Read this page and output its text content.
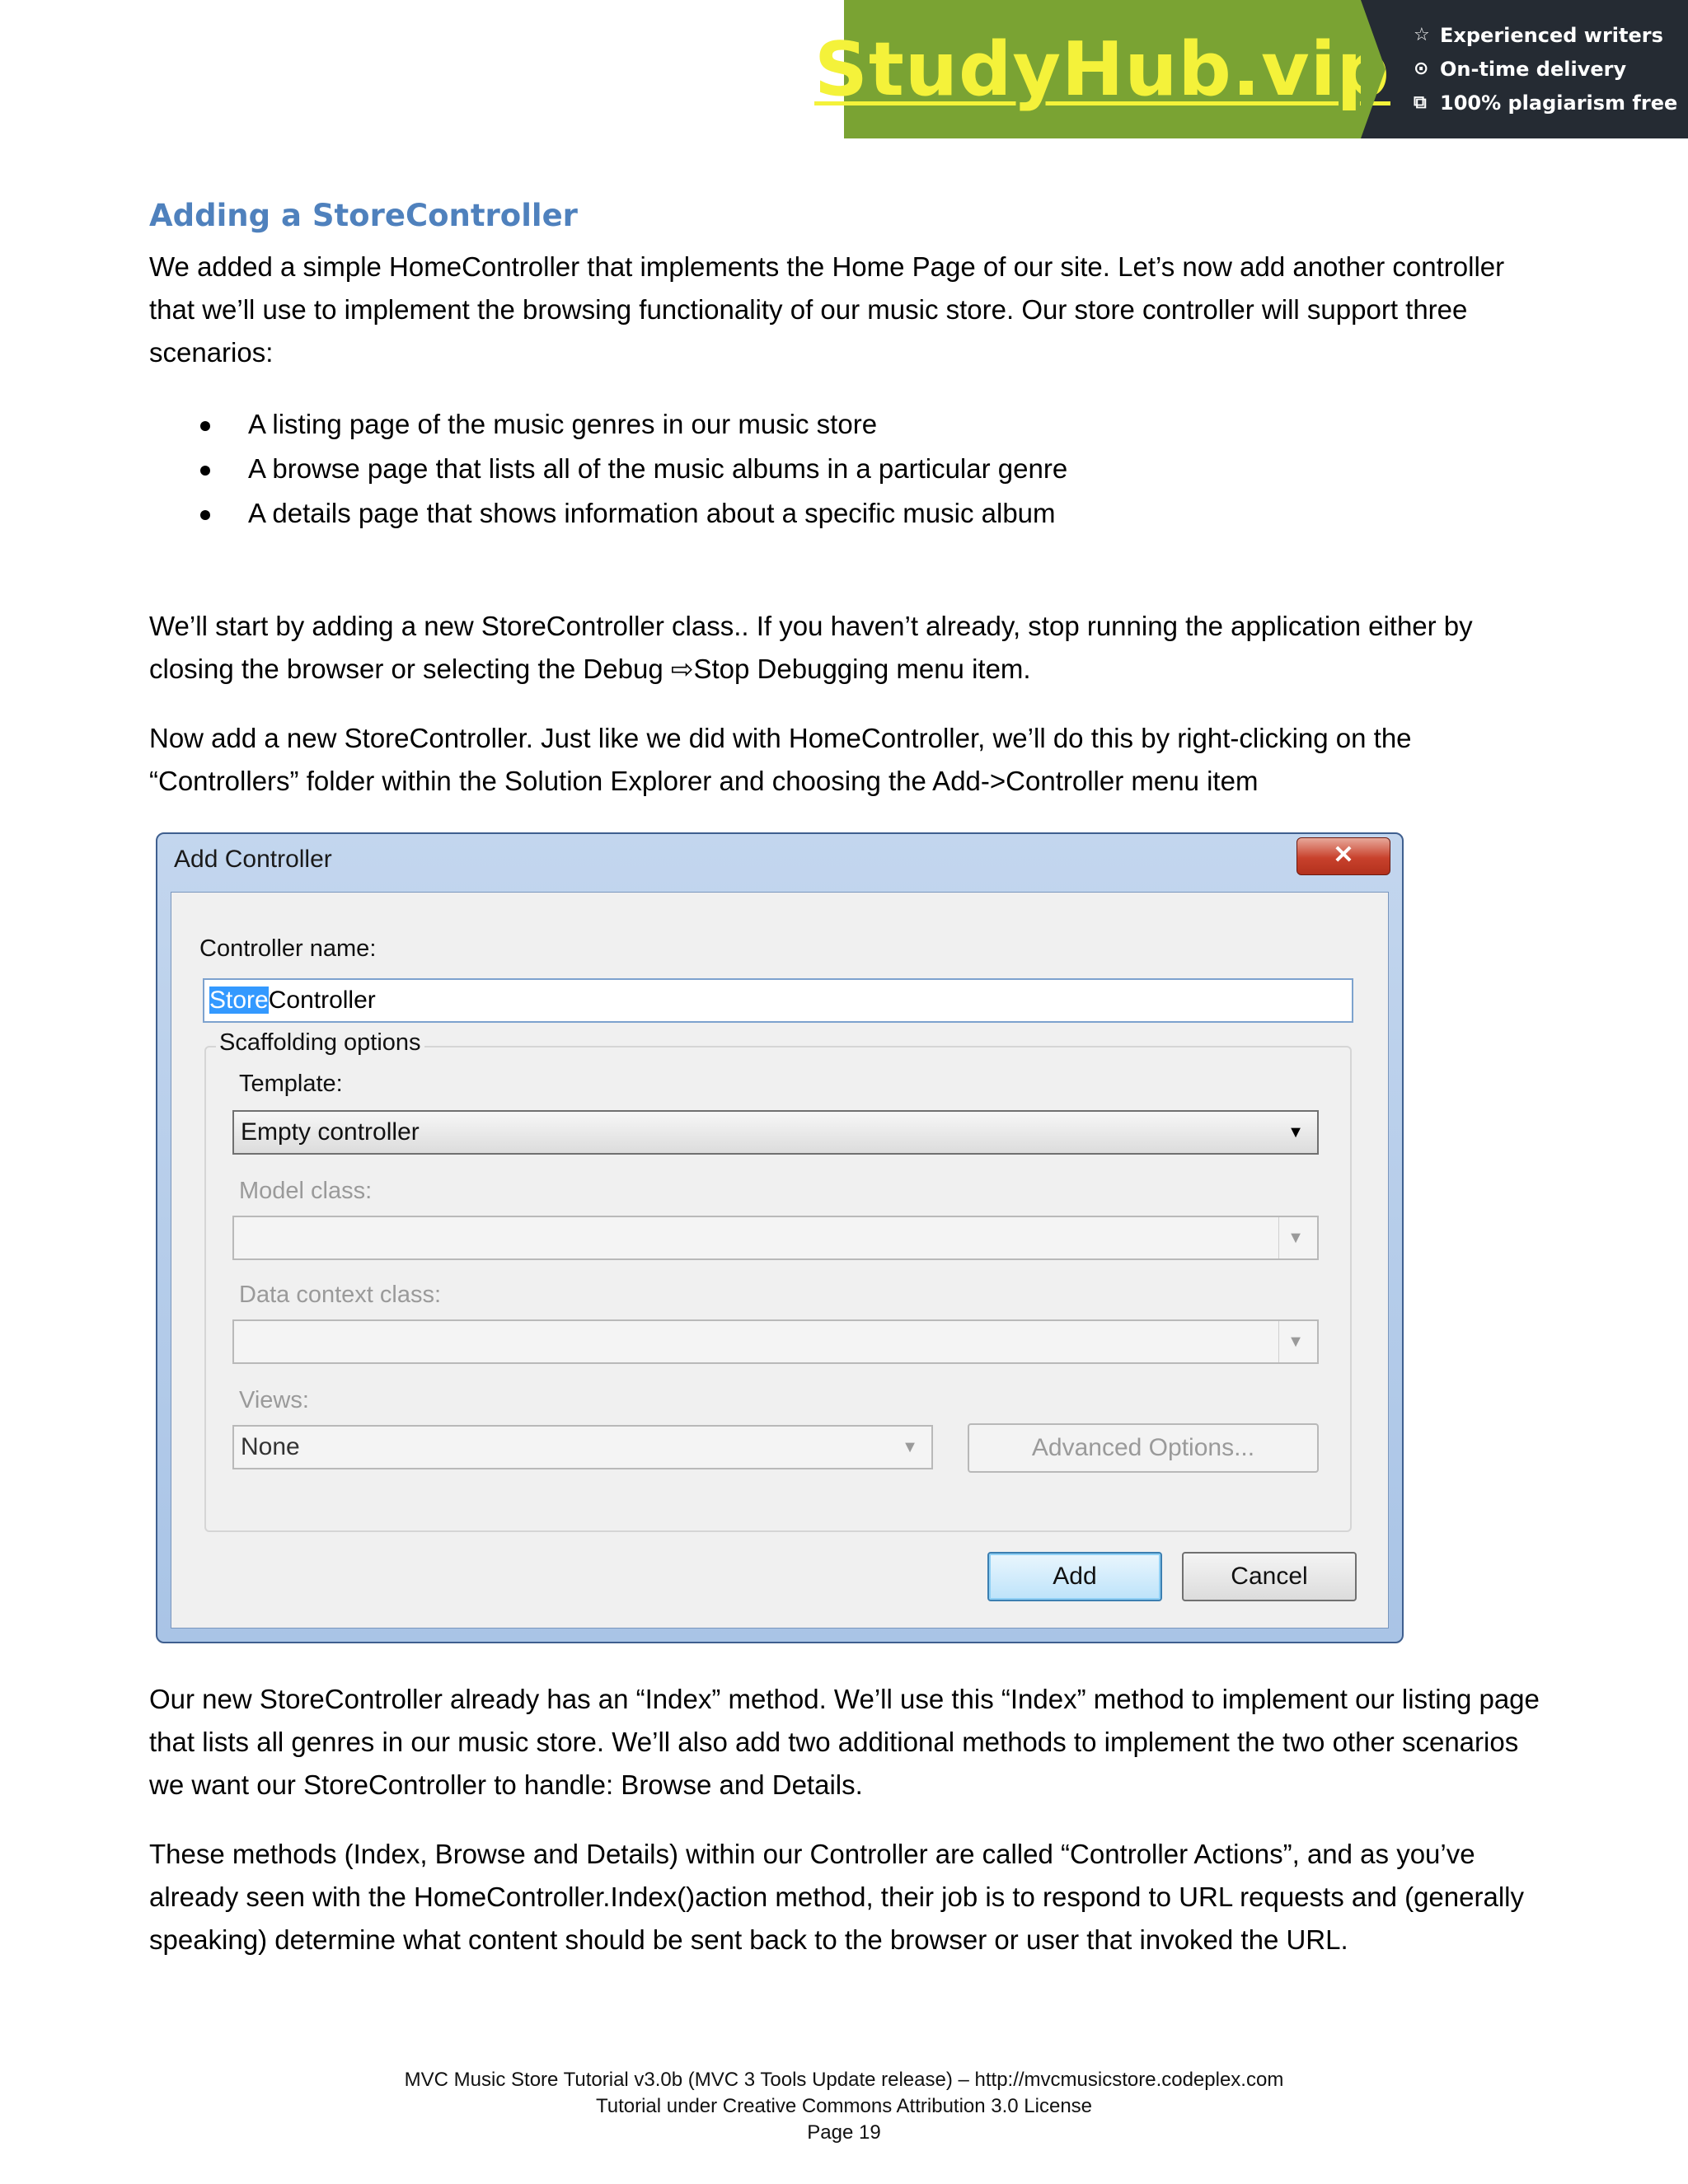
StudyHub.vip ☆ Experienced writers
⊙ On-time delivery
⧉ 100% plagiarism free
Adding a StoreController

We added a simple HomeController that implements the Home Page of our site. Let’s now add another controller that we’ll use to implement the browsing functionality of our music store. Our store controller will support three scenarios:

A listing page of the music genres in our music store
A browse page that lists all of the music albums in a particular genre
A details page that shows information about a specific music album

We’ll start by adding a new StoreController class.. If you haven’t already, stop running the application either by closing the browser or selecting the Debug ⇨Stop Debugging menu item.

Now add a new StoreController. Just like we did with HomeController, we’ll do this by right-clicking on the “Controllers” folder within the Solution Explorer and choosing the Add->Controller menu item

Add Controller	✕
Controller name:
StoreController
Scaffolding options
Template:
Empty controller	▼
Model class:
▼
Data context class:
▼
Views:
None	▼	Advanced Options...
Add	Cancel

Our new StoreController already has an “Index” method. We’ll use this “Index” method to implement our listing page that lists all genres in our music store. We’ll also add two additional methods to implement the two other scenarios we want our StoreController to handle: Browse and Details.

These methods (Index, Browse and Details) within our Controller are called “Controller Actions”, and as you’ve already seen with the HomeController.Index()action method, their job is to respond to URL requests and (generally speaking) determine what content should be sent back to the browser or user that invoked the URL.

MVC Music Store Tutorial v3.0b (MVC 3 Tools Update release) – http://mvcmusicstore.codeplex.com
Tutorial under Creative Commons Attribution 3.0 License
Page 19
